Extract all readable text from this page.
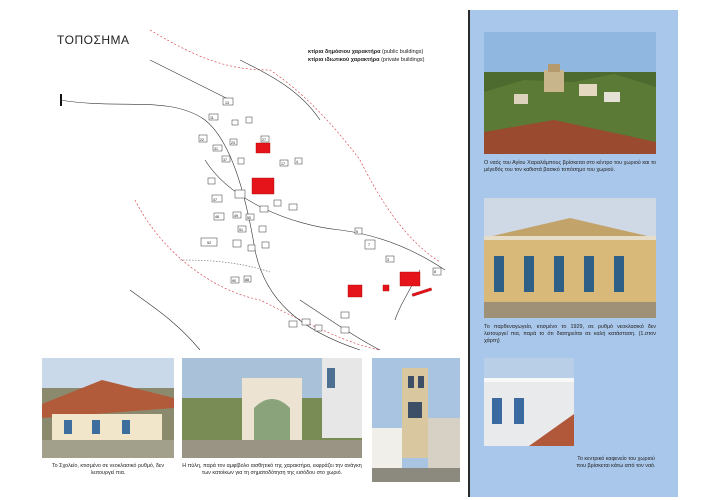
ΤΟΠΟΣΗΜΑ
κτίρια δημόσιου χαρακτήρα (public buildings)
κτίρια ιδιωτικού χαρακτήρα (private buildings)
13
11
22
23
27
31
37
17	4
47
48	49	50
51
52
90
7
5
3
8
88
Ο ναός του Αγίου Χαραλάμπους βρίσκεται στο κέντρο του χωριού και το μέγεθός του τον καθιστά βασικό τοπόσημο του χωριού.
Το παρθεναγωγείο, κτισμένο το 1929, σε ρυθμό νεοκλασικό δεν λειτουργεί πια, παρά το ότι διατηρείται σε καλή κατάσταση. (1.στον χάρτη)
Το κεντρικό καφενείο του χωριού που βρίσκεται κάτω από τον ναό.
Το Σχολείο, κτισμένο σε νεοκλασικό ρυθμό, δεν λειτουργεί πια.
Η πύλη, παρά τον αμφίβολο αισθητικό της χαρακτήρα, εκφράζει την ανάγκη των κατοίκων για τη σηματοδότηση της εισόδου στο χωριό.
